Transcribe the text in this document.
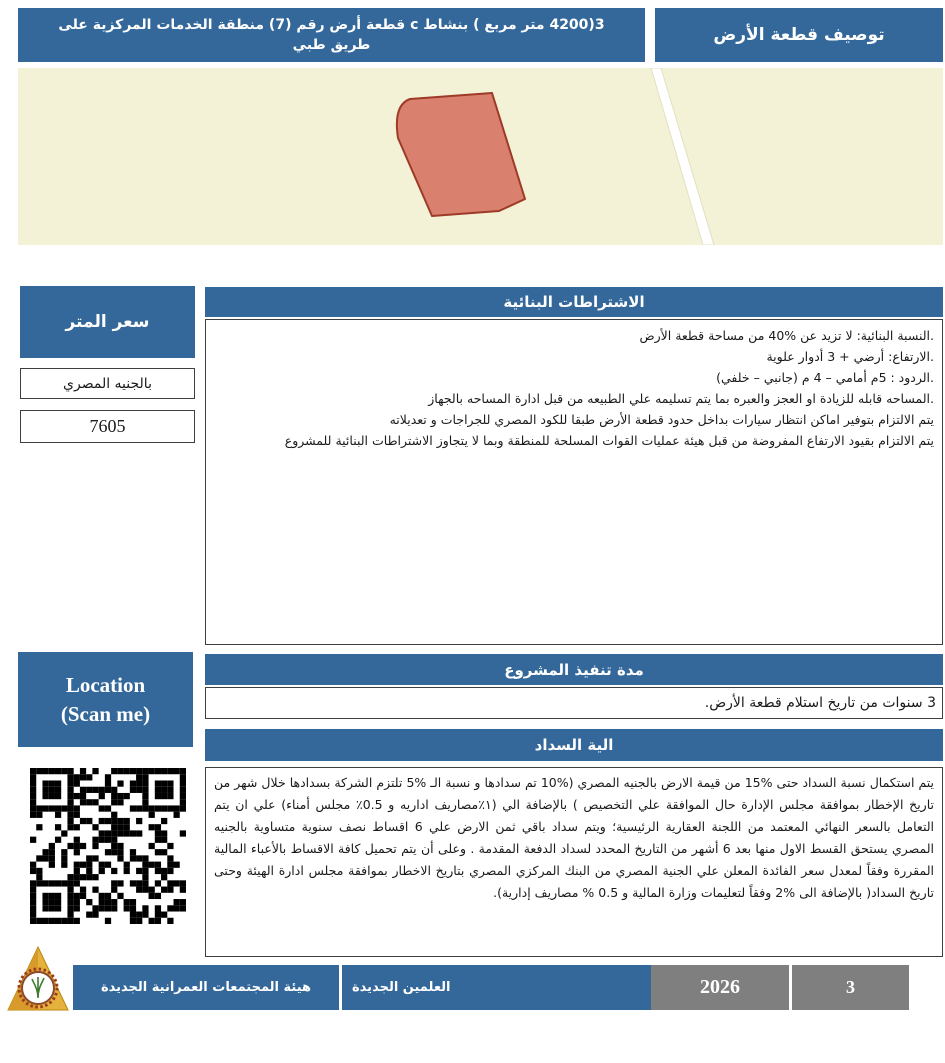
توصيف قطعة الأرض
3(4200 متر مربع ) بنشاط c قطعة أرض رقم (7) منطقة الخدمات المركزية على طريق طبي
سعر المتر
بالجنيه المصري
7605
الاشتراطات البنائية
.النسبة البنائية: لا تزيد عن %40 من مساحة قطعة الأرض
.الارتفاع: أرضي + 3 أدوار علوية
.الردود : 5م أمامي – 4 م (جانبي – خلفي)
.المساحه قابله للزيادة او العجز والعبره بما يتم تسليمه علي الطبيعه من قبل ادارة المساحه بالجهاز
يتم الالتزام بتوفير اماكن انتظار سيارات بداخل حدود قطعة الأرض طبقا للكود المصري للجراجات و تعديلاته
يتم الالتزام بقيود الارتفاع المفروضة من قبل هيئة عمليات القوات المسلحة للمنطقة وبما لا يتجاوز الاشتراطات البنائية للمشروع
مدة تنفيذ المشروع
3 سنوات من تاريخ استلام قطعة الأرض.
الية السداد
يتم استكمال نسبة السداد حتى %15 من قيمة الارض بالجنيه المصري (%10 تم سدادها و نسبة الـ %5 تلتزم الشركة بسدادها خلال شهر من تاريخ الإخطار بموافقة مجلس الإدارة حال الموافقة علي التخصيص ) بالإضافة الي (١٪مصاريف اداريه و 0.5٪ مجلس أمناء) علي ان يتم التعامل بالسعر النهائي المعتمد من اللجنة العقارية الرئيسية؛ ويتم سداد باقي ثمن الارض علي 6 اقساط نصف سنوية متساوية بالجنيه المصري يستحق القسط الاول منها بعد 6 أشهر من التاريخ المحدد لسداد الدفعة المقدمة . وعلى أن يتم تحميل كافة الاقساط بالأعباء المالية المقررة وفقاً لمعدل سعر الفائدة المعلن علي الجنية المصري من البنك المركزي المصري بتاريخ الاخطار بموافقة مجلس ادارة الهيئة وحتى تاريخ السداد( بالإضافة الى %2 وفقاً لتعليمات وزارة المالية و 0.5 % مصاريف إدارية).
Location
(Scan me)
هيئة المجتمعات العمرانية الجديدة	العلمين الجديدة	2026	3
